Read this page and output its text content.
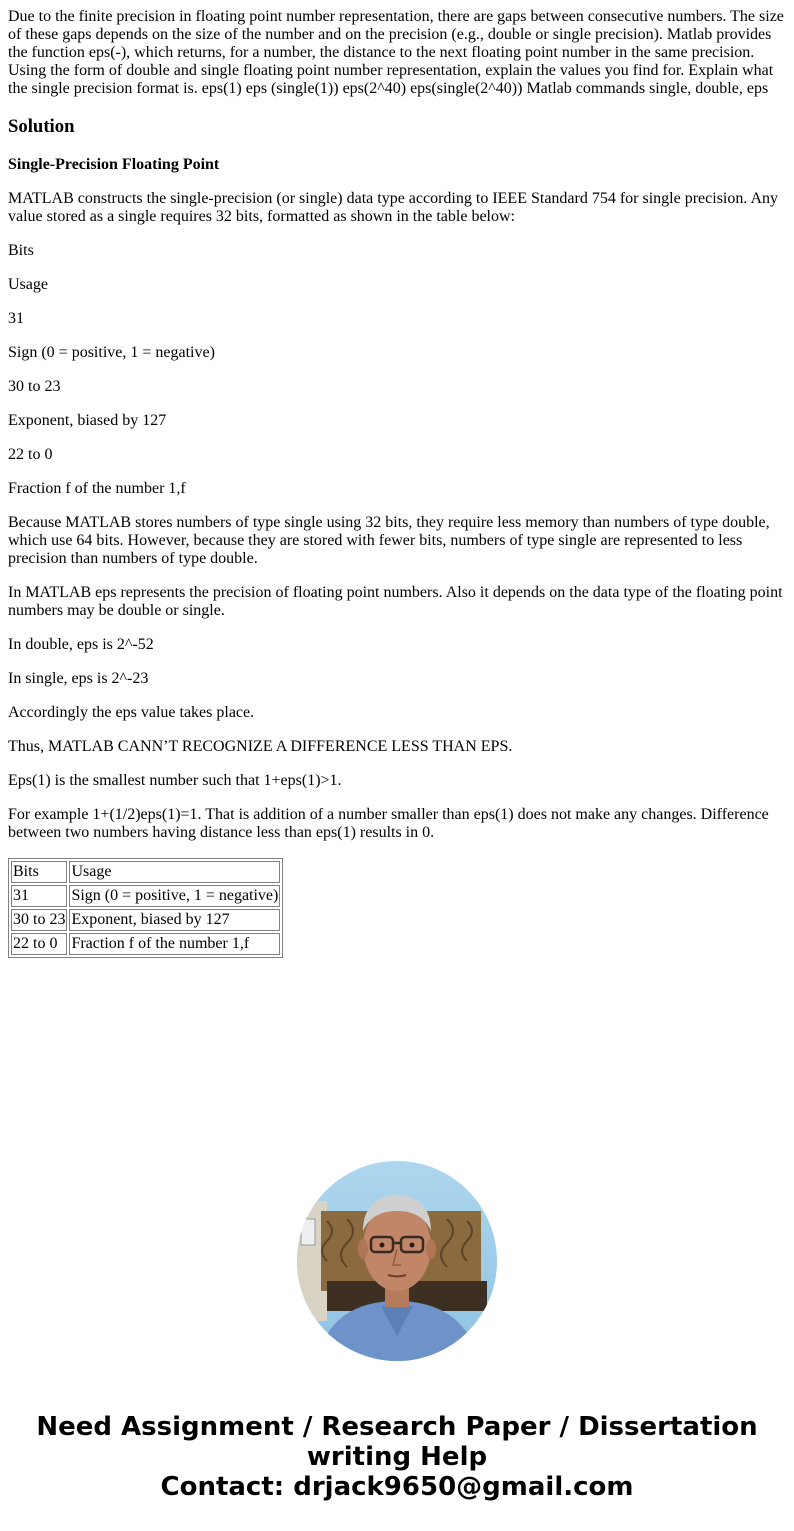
Due to the finite precision in floating point number representation, there are gaps between consecutive numbers. The size of these gaps depends on the size of the number and on the precision (e.g., double or single precision). Matlab provides the function eps(-), which returns, for a number, the distance to the next floating point number in the same precision. Using the form of double and single floating point number representation, explain the values you find for. Explain what the single precision format is. eps(1) eps (single(1)) eps(2^40) eps(single(2^40)) Matlab commands single, double, eps

Solution
Single-Precision Floating Point

MATLAB constructs the single-precision (or single) data type according to IEEE Standard 754 for single precision. Any value stored as a single requires 32 bits, formatted as shown in the table below:

Bits

Usage

31

Sign (0 = positive, 1 = negative)

30 to 23

Exponent, biased by 127

22 to 0

Fraction f of the number 1,f

Because MATLAB stores numbers of type single using 32 bits, they require less memory than numbers of type double, which use 64 bits. However, because they are stored with fewer bits, numbers of type single are represented to less precision than numbers of type double.

In MATLAB eps represents the precision of floating point numbers. Also it depends on the data type of the floating point numbers may be double or single.

In double, eps is 2^-52

In single, eps is 2^-23

Accordingly the eps value takes place.

Thus, MATLAB CANN’T RECOGNIZE A DIFFERENCE LESS THAN EPS.

Eps(1) is the smallest number such that 1+eps(1)>1.

For example 1+(1/2)eps(1)=1. That is addition of a number smaller than eps(1) does not make any changes. Difference between two numbers having distance less than eps(1) results in 0.

Bits	Usage
31	Sign (0 = positive, 1 = negative)
30 to 23	Exponent, biased by 127
22 to 0	Fraction f of the number 1,f
Need Assignment / Research Paper / Dissertation
writing Help
Contact: drjack9650@gmail.com
